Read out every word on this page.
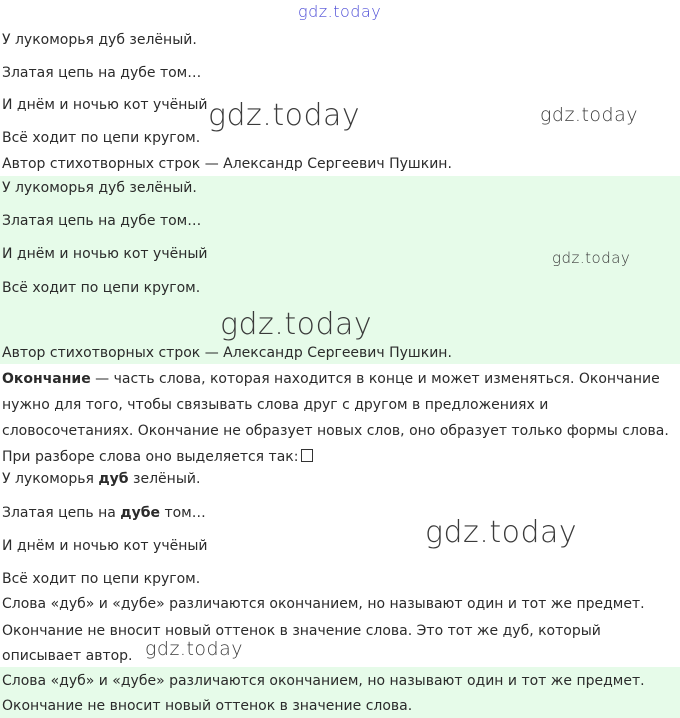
gdz.today
У лукоморья дуб зелёный.
Златая цепь на дубе том…
И днём и ночью кот учёный
Всё ходит по цепи кругом.
Автор стихотворных строк — Александр Сергеевич Пушкин.
gdz.today	gdz.today
У лукоморья дуб зелёный.
Златая цепь на дубе том…
И днём и ночью кот учёный
Всё ходит по цепи кругом.
Автор стихотворных строк — Александр Сергеевич Пушкин.
gdz.today
gdz.today
Окончание — часть слова, которая находится в конце и может изменяться. Окончание нужно для того, чтобы связывать слова друг с другом в предложениях и словосочетаниях. Окончание не образует новых слов, оно образует только формы слова. При разборе слова оно выделяется так:
У лукоморья дуб зелёный.
Златая цепь на дубе том…
И днём и ночью кот учёный
Всё ходит по цепи кругом.
gdz.today
Слова «дуб» и «дубе» различаются окончанием, но называют один и тот же предмет.
Окончание не вносит новый оттенок в значение слова. Это тот же дуб, который
описывает автор. gdz.today
Слова «дуб» и «дубе» различаются окончанием, но называют один и тот же предмет.
Окончание не вносит новый оттенок в значение слова.
